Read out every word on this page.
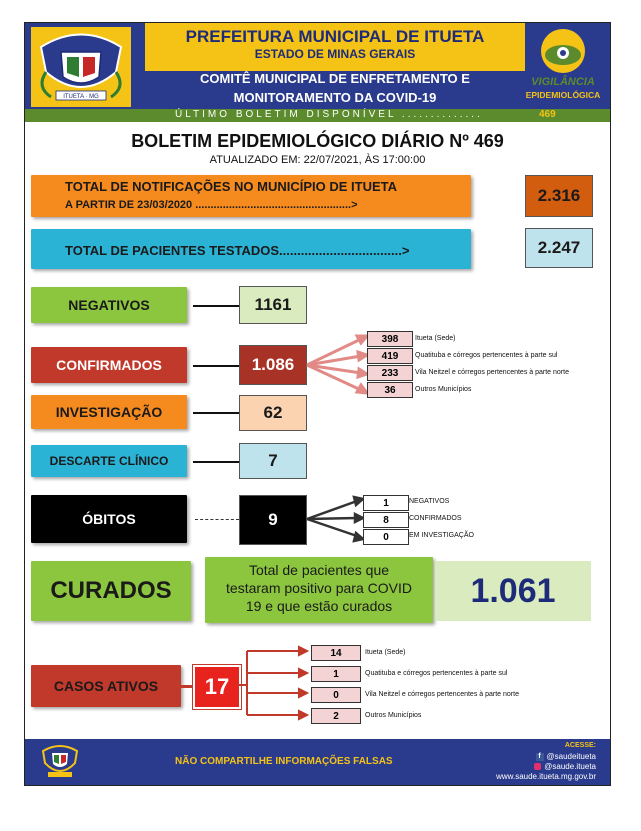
ITUETA · MG
PREFEITURA MUNICIPAL DE ITUETA
ESTADO DE MINAS GERAIS
COMITÊ MUNICIPAL DE ENFRETAMENTO E
MONITORAMENTO DA COVID-19
ÚLTIMO BOLETIM DISPONÍVEL ..............	469
VIGILÂNCIA
EPIDEMIOLÓGICA
BOLETIM EPIDEMIOLÓGICO DIÁRIO Nº 469
ATUALIZADO EM: 22/07/2021, ÀS 17:00:00
TOTAL DE NOTIFICAÇÕES NO MUNICÍPIO DE ITUETA
A PARTIR DE 23/03/2020 ...................................................>	2.316
TOTAL DE PACIENTES TESTADOS..................................>	2.247
NEGATIVOS	1161
CONFIRMADOS	1.086
398	Itueta (Sede)
419	Quatituba e córregos pertencentes à parte sul
233	Vila Neitzel e córregos pertencentes à parte norte
36	Outros Municípios
INVESTIGAÇÃO	62
DESCARTE CLÍNICO	7
ÓBITOS	9
1	NEGATIVOS
8	CONFIRMADOS
0	EM INVESTIGAÇÃO
CURADOS
Total de pacientes que
testaram positivo para COVID
19 e que estão curados	1.061
CASOS ATIVOS	17
14	Itueta (Sede)
1	Quatituba e córregos pertencentes à parte sul
0	Vila Neitzel e córregos pertencentes à parte norte
2	Outros Municípios
NÃO COMPARTILHE INFORMAÇÕES FALSAS
ACESSE:
f @saudeitueta
@saude.itueta
www.saude.itueta.mg.gov.br
